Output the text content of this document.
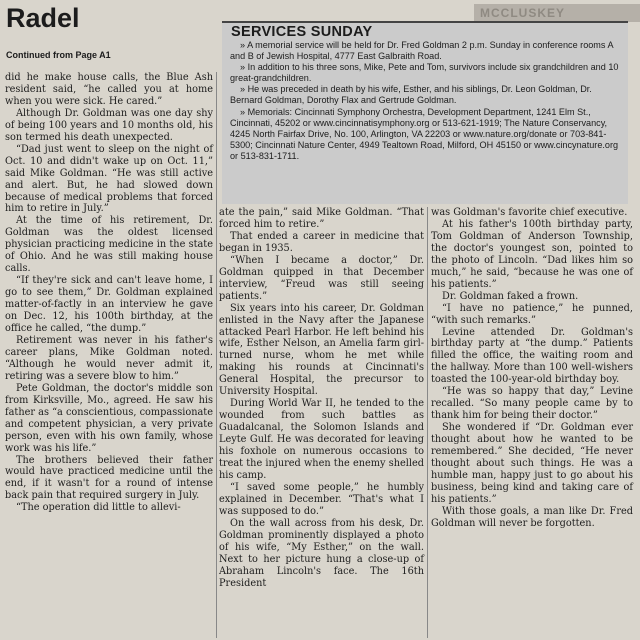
MCCLUSKEY
Radel
Continued from Page A1
SERVICES SUNDAY

» A memorial service will be held for Dr. Fred Goldman 2 p.m. Sunday in conference rooms A and B of Jewish Hospital, 4777 East Galbraith Road.

» In addition to his three sons, Mike, Pete and Tom, survivors include six grandchildren and 10 great-grandchildren.

» He was preceded in death by his wife, Esther, and his siblings, Dr. Leon Goldman, Dr. Bernard Goldman, Dorothy Flax and Gertrude Goldman.

» Memorials: Cincinnati Symphony Orchestra, Development Department, 1241 Elm St., Cincinnati, 45202 or www.cincinnatisymphony.org or 513-621-1919; The Nature Conservancy, 4245 North Fairfax Drive, No. 100, Arlington, VA 22203 or www.nature.org/donate or 703-841-5300; Cincinnati Nature Center, 4949 Tealtown Road, Milford, OH 45150 or www.cincynature.org or 513-831-1711.

did he make house calls, the Blue Ash resident said, “he called you at home when you were sick. He cared.”

Although Dr. Goldman was one day shy of being 100 years and 10 months old, his son termed his death unexpected.

“Dad just went to sleep on the night of Oct. 10 and didn't wake up on Oct. 11,” said Mike Goldman. “He was still active and alert. But, he had slowed down because of medical problems that forced him to retire in July.”

At the time of his retirement, Dr. Goldman was the oldest licensed physician practicing medicine in the state of Ohio. And he was still making house calls.

“If they're sick and can't leave home, I go to see them,” Dr. Goldman explained matter-of-factly in an interview he gave on Dec. 12, his 100th birthday, at the office he called, “the dump.”

Retirement was never in his father's career plans, Mike Goldman noted. “Although he would never admit it, retiring was a severe blow to him.”

Pete Goldman, the doctor's middle son from Kirksville, Mo., agreed. He saw his father as “a conscientious, compassionate and competent physician, a very private person, even with his own family, whose work was his life.”

The brothers believed their father would have practiced medicine until the end, if it wasn't for a round of intense back pain that required surgery in July.

“The operation did little to allevi-

ate the pain,” said Mike Goldman. “That forced him to retire.”

That ended a career in medicine that began in 1935.

“When I became a doctor,” Dr. Goldman quipped in that December interview, “Freud was still seeing patients.”

Six years into his career, Dr. Goldman enlisted in the Navy after the Japanese attacked Pearl Harbor. He left behind his wife, Esther Nelson, an Amelia farm girl-turned nurse, whom he met while making his rounds at Cincinnati's General Hospital, the precursor to University Hospital.

During World War II, he tended to the wounded from such battles as Guadalcanal, the Solomon Islands and Leyte Gulf. He was decorated for leaving his foxhole on numerous occasions to treat the injured when the enemy shelled his camp.

“I saved some people,” he humbly explained in December. “That's what I was supposed to do.”

On the wall across from his desk, Dr. Goldman prominently displayed a photo of his wife, “My Esther,” on the wall. Next to her picture hung a close-up of Abraham Lincoln's face. The 16th President

was Goldman's favorite chief executive.

At his father's 100th birthday party, Tom Goldman of Anderson Township, the doctor's youngest son, pointed to the photo of Lincoln. “Dad likes him so much,” he said, “because he was one of his patients.”

Dr. Goldman faked a frown.

“I have no patience,” he punned, “with such remarks.”

Levine attended Dr. Goldman's birthday party at “the dump.” Patients filled the office, the waiting room and the hallway. More than 100 well-wishers toasted the 100-year-old birthday boy.

“He was so happy that day,” Levine recalled. “So many people came by to thank him for being their doctor.”

She wondered if “Dr. Goldman ever thought about how he wanted to be remembered.” She decided, “He never thought about such things. He was a humble man, happy just to go about his business, being kind and taking care of his patients.”

With those goals, a man like Dr. Fred Goldman will never be forgotten.
